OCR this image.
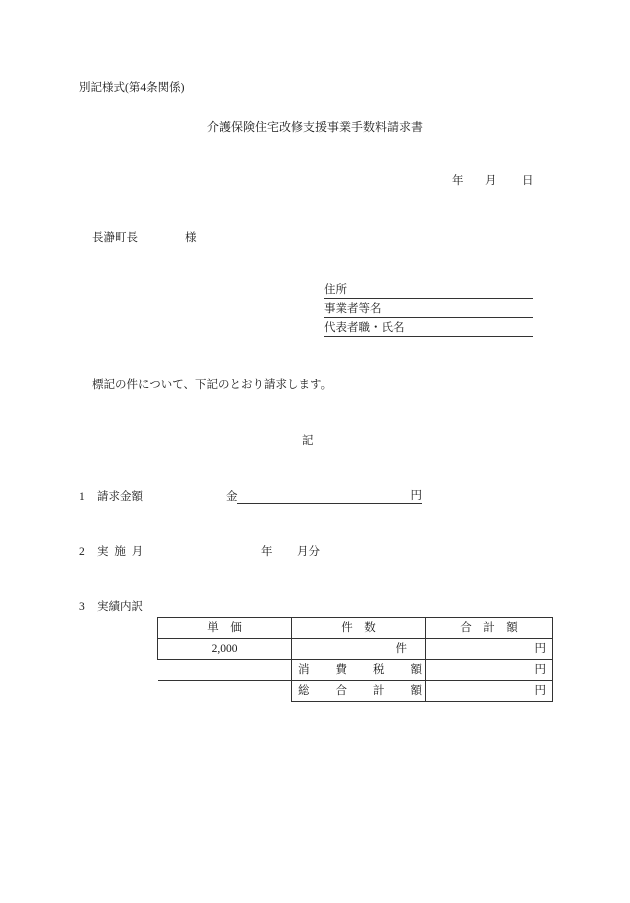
別記様式(第4条関係)
介護保険住宅改修支援事業手数料請求書
年 月 日
長瀞町長	様
住所
事業者等名
代表者職・氏名
標記の件について、下記のとおり請求します。
記
1 請求金額	金	円
2 実 施 月	年 月分
3 実績内訳
単　価	件　数	合　計　額
2,000	件	円

	消 費 税 額	円

	総 合 計 額	円
